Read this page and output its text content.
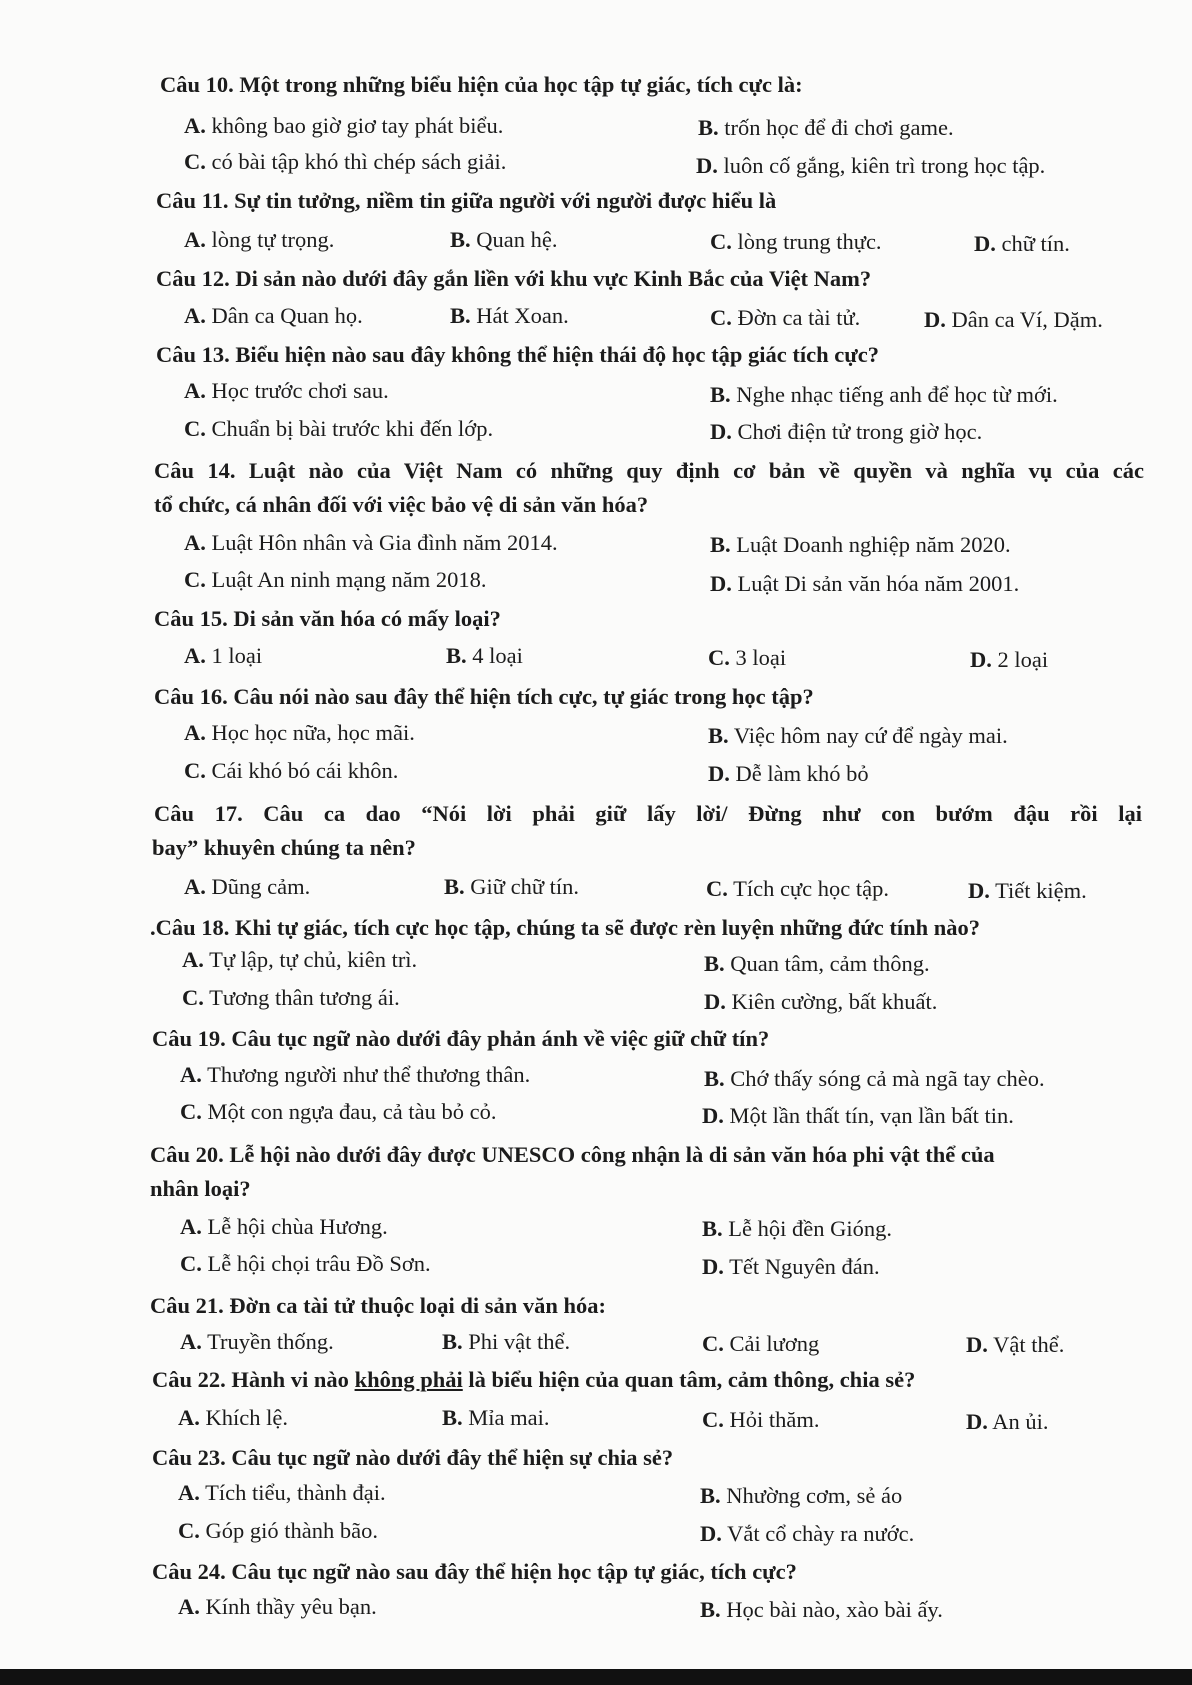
Câu 10. Một trong những biểu hiện của học tập tự giác, tích cực là:
A. không bao giờ giơ tay phát biểu.	B. trốn học để đi chơi game.
C. có bài tập khó thì chép sách giải.	D. luôn cố gắng, kiên trì trong học tập.
Câu 11. Sự tin tưởng, niềm tin giữa người với người được hiểu là
A. lòng tự trọng.	B. Quan hệ.	C. lòng trung thực.	D. chữ tín.
Câu 12. Di sản nào dưới đây gắn liền với khu vực Kinh Bắc của Việt Nam?
A. Dân ca Quan họ.	B. Hát Xoan.	C. Đờn ca tài tử.	D. Dân ca Ví, Dặm.
Câu 13. Biểu hiện nào sau đây không thể hiện thái độ học tập giác tích cực?
A. Học trước chơi sau.	B. Nghe nhạc tiếng anh để học từ mới.
C. Chuẩn bị bài trước khi đến lớp.	D. Chơi điện tử trong giờ học.
Câu 14. Luật nào của Việt Nam có những quy định cơ bản về quyền và nghĩa vụ của các
tổ chức, cá nhân đối với việc bảo vệ di sản văn hóa?
A. Luật Hôn nhân và Gia đình năm 2014.	B. Luật Doanh nghiệp năm 2020.
C. Luật An ninh mạng năm 2018.	D. Luật Di sản văn hóa năm 2001.
Câu 15. Di sản văn hóa có mấy loại?
A. 1 loại	B. 4 loại	C. 3 loại	D. 2 loại
Câu 16. Câu nói nào sau đây thể hiện tích cực, tự giác trong học tập?
A. Học học nữa, học mãi.	B. Việc hôm nay cứ để ngày mai.
C. Cái khó bó cái khôn.	D. Dễ làm khó bỏ
Câu 17. Câu ca dao “Nói lời phải giữ lấy lời/ Đừng như con bướm đậu rồi lại
bay” khuyên chúng ta nên?
A. Dũng cảm.	B. Giữ chữ tín.	C. Tích cực học tập.	D. Tiết kiệm.
.Câu 18. Khi tự giác, tích cực học tập, chúng ta sẽ được rèn luyện những đức tính nào?
A. Tự lập, tự chủ, kiên trì.	B. Quan tâm, cảm thông.
C. Tương thân tương ái.	D. Kiên cường, bất khuất.
Câu 19. Câu tục ngữ nào dưới đây phản ánh về việc giữ chữ tín?
A. Thương người như thể thương thân.	B. Chớ thấy sóng cả mà ngã tay chèo.
C. Một con ngựa đau, cả tàu bỏ cỏ.	D. Một lần thất tín, vạn lần bất tin.
Câu 20. Lễ hội nào dưới đây được UNESCO công nhận là di sản văn hóa phi vật thể của
nhân loại?
A. Lễ hội chùa Hương.	B. Lễ hội đền Gióng.
C. Lễ hội chọi trâu Đồ Sơn.	D. Tết Nguyên đán.
Câu 21. Đờn ca tài tử thuộc loại di sản văn hóa:
A. Truyền thống.	B. Phi vật thể.	C. Cải lương	D. Vật thể.
Câu 22. Hành vi nào không phải là biểu hiện của quan tâm, cảm thông, chia sẻ?
A. Khích lệ.	B. Mỉa mai.	C. Hỏi thăm.	D. An ủi.
Câu 23. Câu tục ngữ nào dưới đây thể hiện sự chia sẻ?
A. Tích tiểu, thành đại.	B. Nhường cơm, sẻ áo
C. Góp gió thành bão.	D. Vắt cổ chày ra nước.
Câu 24. Câu tục ngữ nào sau đây thể hiện học tập tự giác, tích cực?
A. Kính thầy yêu bạn.	B. Học bài nào, xào bài ấy.
